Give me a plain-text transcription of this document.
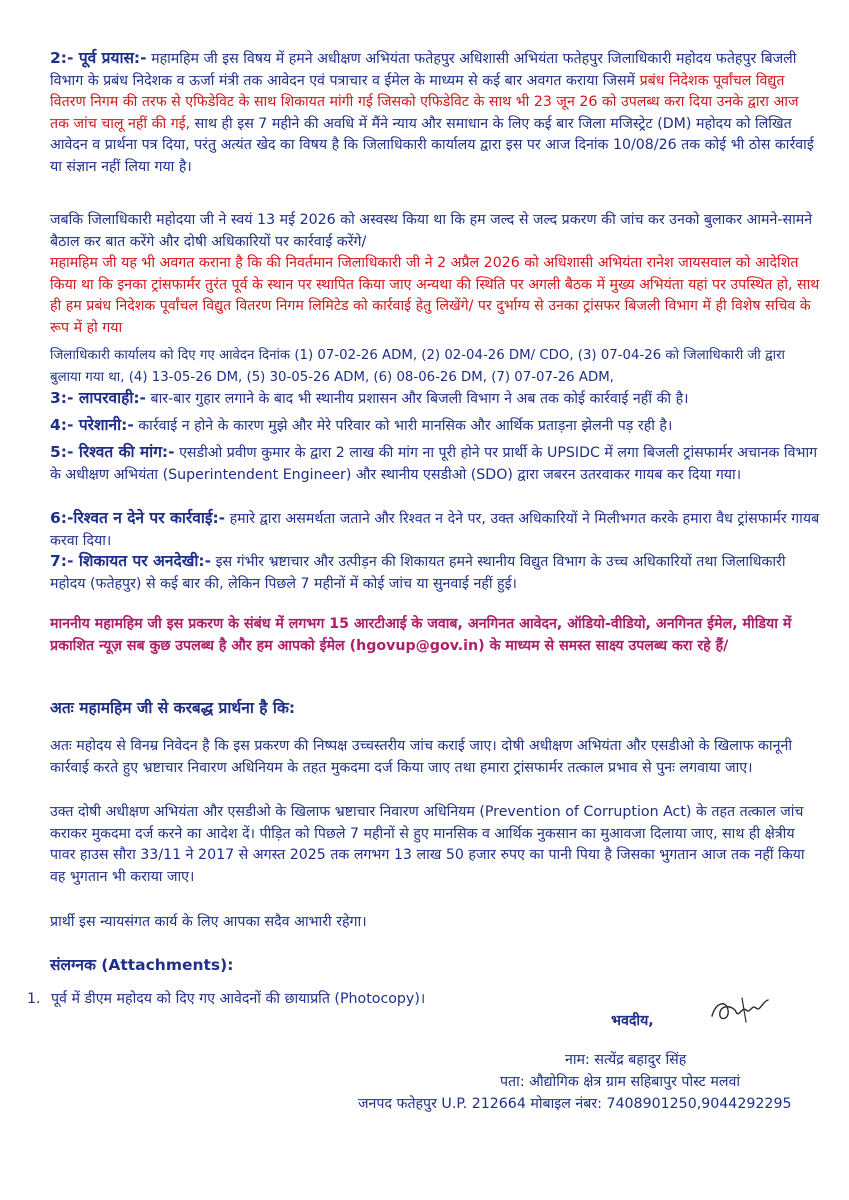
2:- पूर्व प्रयास:- महामहिम जी इस विषय में हमने अधीक्षण अभियंता फतेहपुर अधिशासी अभियंता फतेहपुर जिलाधिकारी महोदय फतेहपुर बिजली विभाग के प्रबंध निदेशक व ऊर्जा मंत्री तक आवेदन एवं पत्राचार व ईमेल के माध्यम से कई बार अवगत कराया जिसमें प्रबंध निदेशक पूर्वांचल विद्युत वितरण निगम की तरफ से एफिडेविट के साथ शिकायत मांगी गई जिसको एफिडेविट के साथ भी 23 जून 26 को उपलब्ध करा दिया उनके द्वारा आज तक जांच चालू नहीं की गई, साथ ही इस 7 महीने की अवधि में मैंने न्याय और समाधान के लिए कई बार जिला मजिस्ट्रेट (DM) महोदय को लिखित आवेदन व प्रार्थना पत्र दिया, परंतु अत्यंत खेद का विषय है कि जिलाधिकारी कार्यालय द्वारा इस पर आज दिनांक 10/08/26 तक कोई भी ठोस कार्रवाई या संज्ञान नहीं लिया गया है।

जबकि जिलाधिकारी महोदया जी ने स्वयं 13 मई 2026 को अस्वस्थ किया था कि हम जल्द से जल्द प्रकरण की जांच कर उनको बुलाकर आमने-सामने बैठाल कर बात करेंगे और दोषी अधिकारियों पर कार्रवाई करेंगे/

महामहिम जी यह भी अवगत कराना है कि की निवर्तमान जिलाधिकारी जी ने 2 अप्रैल 2026 को अधिशासी अभियंता रानेश जायसवाल को आदेशित किया था कि इनका ट्रांसफार्मर तुरंत पूर्व के स्थान पर स्थापित किया जाए अन्यथा की स्थिति पर अगली बैठक में मुख्य अभियंता यहां पर उपस्थित हो, साथ ही हम प्रबंध निदेशक पूर्वांचल विद्युत वितरण निगम लिमिटेड को कार्रवाई हेतु लिखेंगे/ पर दुर्भाग्य से उनका ट्रांसफर बिजली विभाग में ही विशेष सचिव के रूप में हो गया

जिलाधिकारी कार्यालय को दिए गए आवेदन दिनांक (1) 07-02-26 ADM, (2) 02-04-26 DM/ CDO, (3) 07-04-26 को जिलाधिकारी जी द्वारा बुलाया गया था, (4) 13-05-26 DM, (5) 30-05-26 ADM, (6) 08-06-26 DM, (7) 07-07-26 ADM,

3:- लापरवाही:- बार-बार गुहार लगाने के बाद भी स्थानीय प्रशासन और बिजली विभाग ने अब तक कोई कार्रवाई नहीं की है।

4:- परेशानी:- कार्रवाई न होने के कारण मुझे और मेरे परिवार को भारी मानसिक और आर्थिक प्रताड़ना झेलनी पड़ रही है।

5:- रिश्वत की मांग:- एसडीओ प्रवीण कुमार के द्वारा 2 लाख की मांग ना पूरी होने पर प्रार्थी के UPSIDC में लगा बिजली ट्रांसफार्मर अचानक विभाग के अधीक्षण अभियंता (Superintendent Engineer) और स्थानीय एसडीओ (SDO) द्वारा जबरन उतरवाकर गायब कर दिया गया।

6:-रिश्वत न देने पर कार्रवाई:- हमारे द्वारा असमर्थता जताने और रिश्वत न देने पर, उक्त अधिकारियों ने मिलीभगत करके हमारा वैध ट्रांसफार्मर गायब करवा दिया।

7:- शिकायत पर अनदेखी:- इस गंभीर भ्रष्टाचार और उत्पीड़न की शिकायत हमने स्थानीय विद्युत विभाग के उच्च अधिकारियों तथा जिलाधिकारी महोदय (फतेहपुर) से कई बार की, लेकिन पिछले 7 महीनों में कोई जांच या सुनवाई नहीं हुई।

माननीय महामहिम जी इस प्रकरण के संबंध में लगभग 15 आरटीआई के जवाब, अनगिनत आवेदन, ऑडियो-वीडियो, अनगिनत ईमेल, मीडिया में प्रकाशित न्यूज़ सब कुछ उपलब्ध है और हम आपको ईमेल (hgovup@gov.in) के माध्यम से समस्त साक्ष्य उपलब्ध करा रहे हैं/

अतः महामहिम जी से करबद्ध प्रार्थना है कि:

अतः महोदय से विनम्र निवेदन है कि इस प्रकरण की निष्पक्ष उच्चस्तरीय जांच कराई जाए। दोषी अधीक्षण अभियंता और एसडीओ के खिलाफ कानूनी कार्रवाई करते हुए भ्रष्टाचार निवारण अधिनियम के तहत मुकदमा दर्ज किया जाए तथा हमारा ट्रांसफार्मर तत्काल प्रभाव से पुनः लगवाया जाए।

उक्त दोषी अधीक्षण अभियंता और एसडीओ के खिलाफ भ्रष्टाचार निवारण अधिनियम (Prevention of Corruption Act) के तहत तत्काल जांच कराकर मुकदमा दर्ज करने का आदेश दें। पीड़ित को पिछले 7 महीनों से हुए मानसिक व आर्थिक नुकसान का मुआवजा दिलाया जाए, साथ ही क्षेत्रीय पावर हाउस सौरा 33/11 ने 2017 से अगस्त 2025 तक लगभग 13 लाख 50 हजार रुपए का पानी पिया है जिसका भुगतान आज तक नहीं किया वह भुगतान भी कराया जाए।

प्रार्थी इस न्यायसंगत कार्य के लिए आपका सदैव आभारी रहेगा।

संलग्नक (Attachments):

1. पूर्व में डीएम महोदय को दिए गए आवेदनों की छायाप्रति (Photocopy)।
भवदीय,
नाम: सत्येंद्र बहादुर सिंह
पता: औद्योगिक क्षेत्र ग्राम सहिबापुर पोस्ट मलवां
जनपद फतेहपुर U.P. 212664 मोबाइल नंबर: 7408901250,9044292295
